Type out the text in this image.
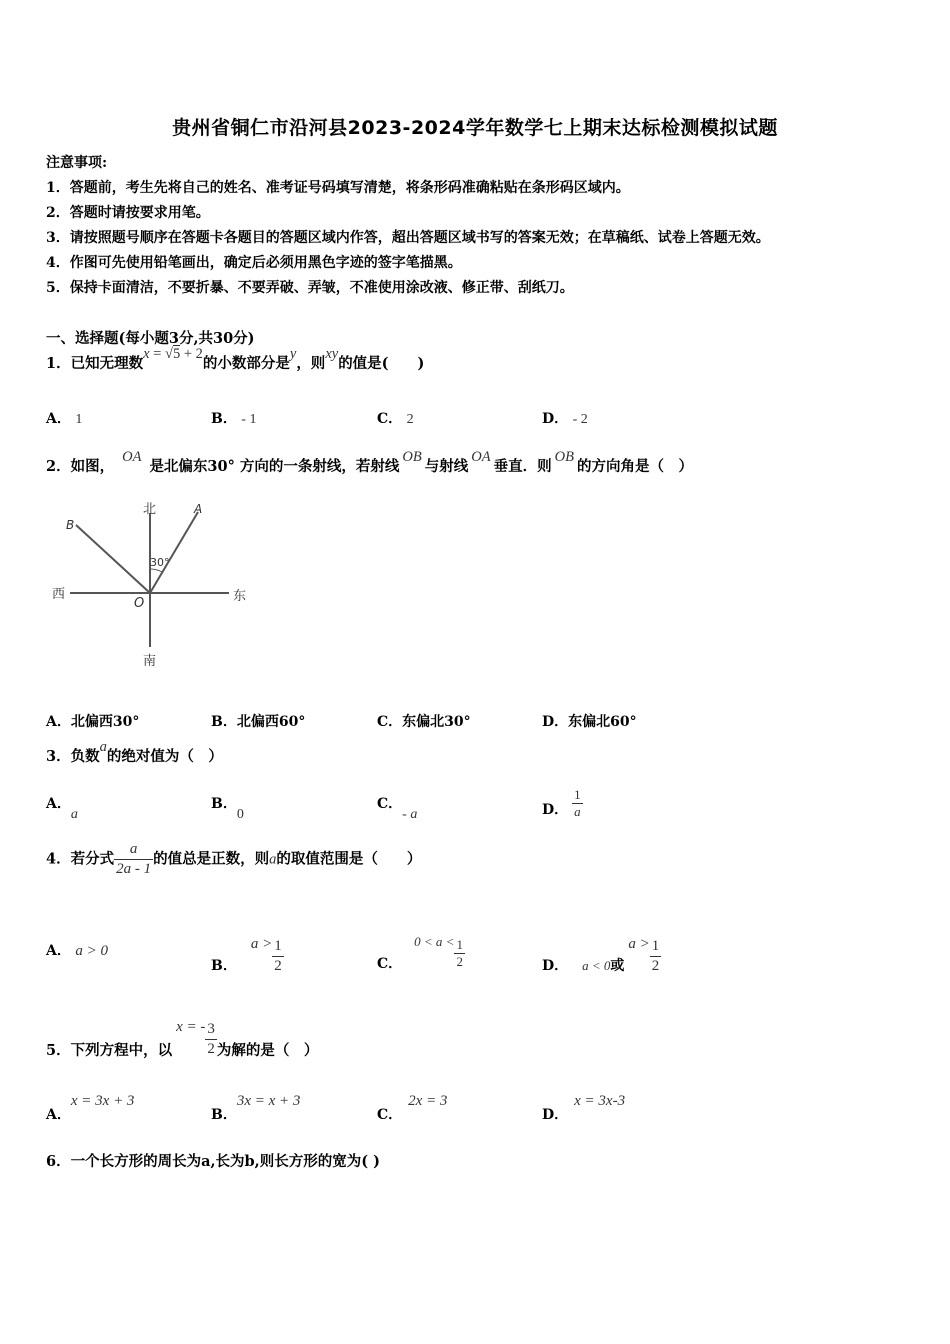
贵州省铜仁市沿河县2023-2024学年数学七上期末达标检测模拟试题
注意事项:
1．答题前，考生先将自己的姓名、准考证号码填写清楚，将条形码准确粘贴在条形码区域内。
2．答题时请按要求用笔。
3．请按照题号顺序在答题卡各题目的答题区域内作答，超出答题区域书写的答案无效；在草稿纸、试卷上答题无效。
4．作图可先使用铅笔画出，确定后必须用黑色字迹的签字笔描黑。
5．保持卡面清洁，不要折暴、不要弄破、弄皱，不准使用涂改液、修正带、刮纸刀。
一、选择题(每小题3分,共30分)
1．已知无理数x = √5 + 2的小数部分是y，则xy的值是(　　)
A． 1	B． - 1	C． 2	D． - 2
2．如图，OA是北偏东30° 方向的一条射线，若射线OB与射线OA垂直．则OB的方向角是（　）
北
南
西	东
O
A
B
30°
A．北偏西30°	B．北偏西60°	C．东偏北30°	D．东偏北60°
3．负数a的绝对值为（　）
A．a
B．0
C．- a	D． $\frac{1}{a}$
4．若分式 $\frac{a}{2a - 1}$ 的值总是正数，则a的取值范围是（　　）
A． a > 0
B．$a > \frac{1}{2}$	C．$0 < a < \frac{1}{2}$	D． a < 0或$a > \frac{1}{2}$
5．下列方程中，以x = - $\frac{3}{2}$ 为解的是（　）
A．x = 3x + 3
B．3x = x + 3
C．2x = 3
D．x = 3x-3
6．一个长方形的周长为a,长为b,则长方形的宽为( )
